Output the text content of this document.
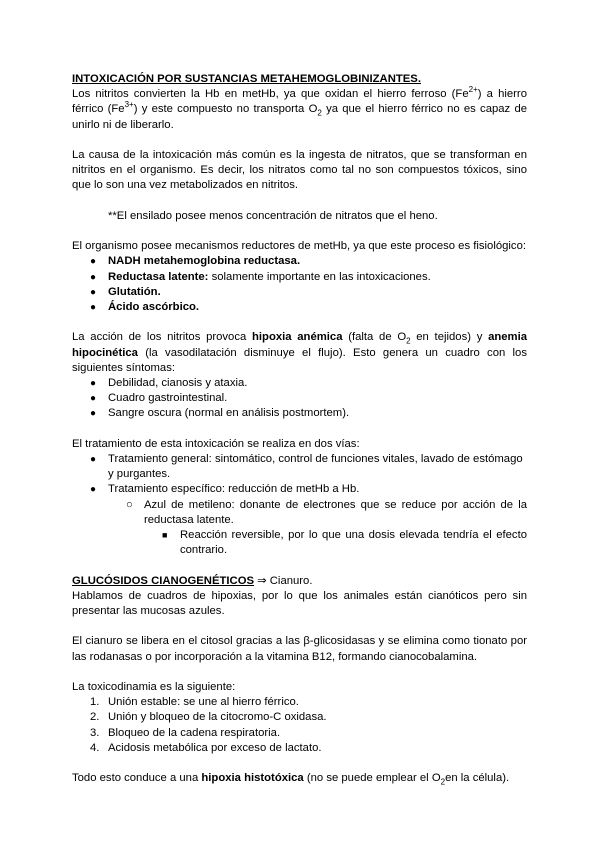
INTOXICACIÓN POR SUSTANCIAS METAHEMOGLOBINIZANTES.

Los nitritos convierten la Hb en metHb, ya que oxidan el hierro ferroso $(Fe^{2+})$ a hierro férrico $(Fe^{3+})$ y este compuesto no transporta $O_2$ ya que el hierro férrico no es capaz de unirlo ni de liberarlo.

La causa de la intoxicación más común es la ingesta de nitratos, que se transforman en nitritos en el organismo. Es decir, los nitratos como tal no son compuestos tóxicos, sino que lo son una vez metabolizados en nitritos.

**El ensilado posee menos concentración de nitratos que el heno.

El organismo posee mecanismos reductores de metHb, ya que este proceso es fisiológico:

● NADH metahemoglobina reductasa.
● Reductasa latente: solamente importante en las intoxicaciones.
● Glutatión.
● Ácido ascórbico.

La acción de los nitritos provoca hipoxia anémica (falta de $O_2$ en tejidos) y anemia hipocinética (la vasodilatación disminuye el flujo). Esto genera un cuadro con los siguientes síntomas:

● Debilidad, cianosis y ataxia.
● Cuadro gastrointestinal.
● Sangre oscura (normal en análisis postmortem).

El tratamiento de esta intoxicación se realiza en dos vías:

● Tratamiento general: sintomático, control de funciones vitales, lavado de estómago y purgantes.
● Tratamiento específico: reducción de metHb a Hb.
○ Azul de metileno: donante de electrones que se reduce por acción de la reductasa latente.
■ Reacción reversible, por lo que una dosis elevada tendría el efecto contrario.

GLUCÓSIDOS CIANOGENÉTICOS ⇒ Cianuro.

Hablamos de cuadros de hipoxias, por lo que los animales están cianóticos pero sin presentar las mucosas azules.

El cianuro se libera en el citosol gracias a las β-glicosidasas y se elimina como tionato por las rodanasas o por incorporación a la vitamina B12, formando cianocobalamina.

La toxicodinamia es la siguiente:

1. Unión estable: se une al hierro férrico.
2. Unión y bloqueo de la citocromo-C oxidasa.
3. Bloqueo de la cadena respiratoria.
4. Acidosis metabólica por exceso de lactato.

Todo esto conduce a una hipoxia histotóxica (no se puede emplear el $O_2en$ la célula).
